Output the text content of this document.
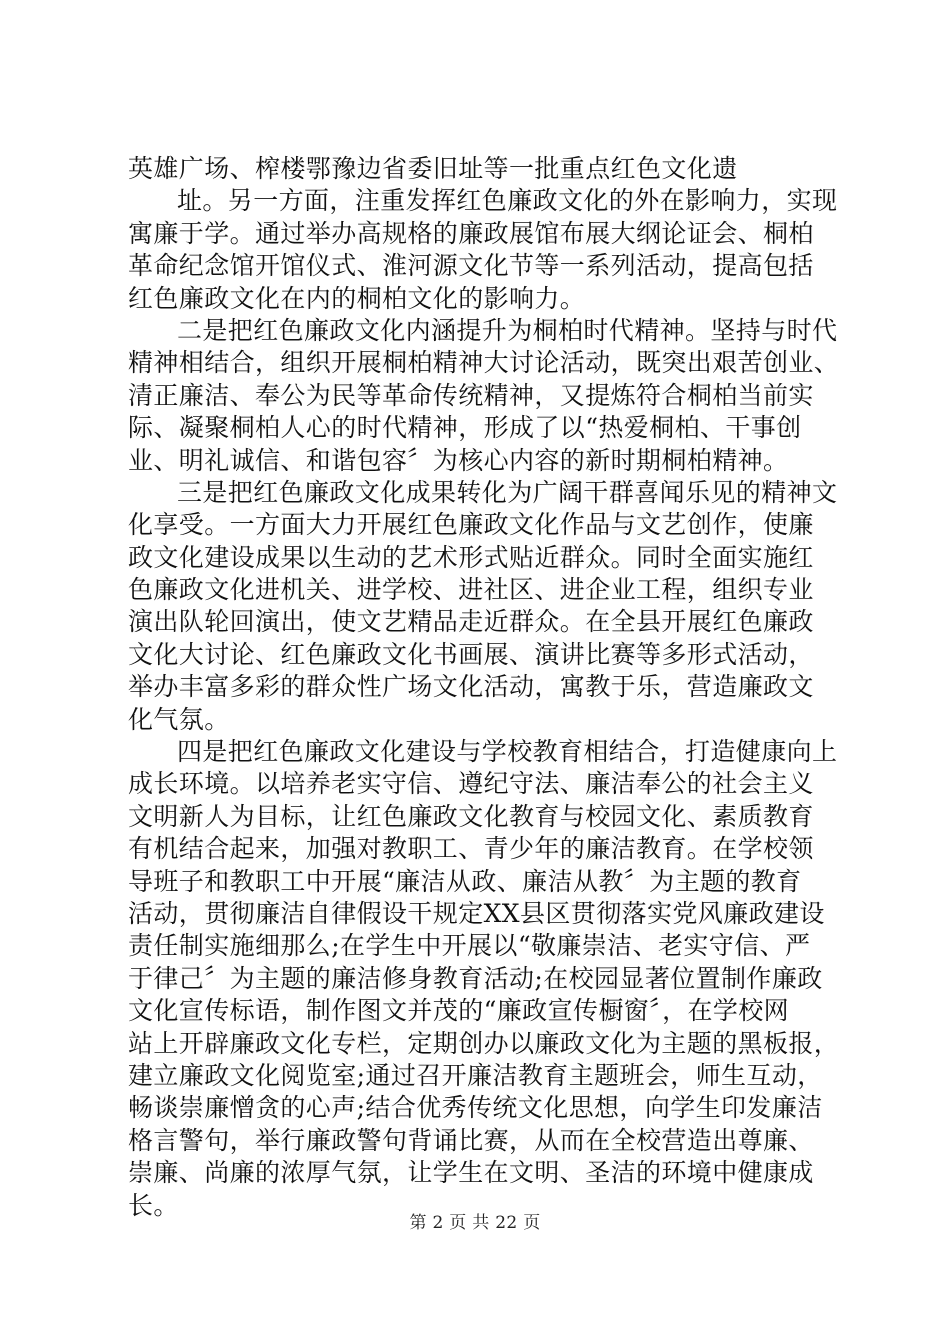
英雄广场、榨楼鄂豫边省委旧址等一批重点红色文化遗
址。另一方面，注重发挥红色廉政文化的外在影响力，实现
寓廉于学。通过举办高规格的廉政展馆布展大纲论证会、桐柏
革命纪念馆开馆仪式、淮河源文化节等一系列活动，提高包括
红色廉政文化在内的桐柏文化的影响力。
二是把红色廉政文化内涵提升为桐柏时代精神。坚持与时代
精神相结合，组织开展桐柏精神大讨论活动，既突出艰苦创业、
清正廉洁、奉公为民等革命传统精神，又提炼符合桐柏当前实
际、凝聚桐柏人心的时代精神，形成了以“热爱桐柏、干事创
业、明礼诚信、和谐包容〞为核心内容的新时期桐柏精神。
三是把红色廉政文化成果转化为广阔干群喜闻乐见的精神文
化享受。一方面大力开展红色廉政文化作品与文艺创作，使廉
政文化建设成果以生动的艺术形式贴近群众。同时全面实施红
色廉政文化进机关、进学校、进社区、进企业工程，组织专业
演出队轮回演出，使文艺精品走近群众。在全县开展红色廉政
文化大讨论、红色廉政文化书画展、演讲比赛等多形式活动，
举办丰富多彩的群众性广场文化活动，寓教于乐，营造廉政文
化气氛。
四是把红色廉政文化建设与学校教育相结合，打造健康向上
成长环境。以培养老实守信、遵纪守法、廉洁奉公的社会主义
文明新人为目标，让红色廉政文化教育与校园文化、素质教育
有机结合起来，加强对教职工、青少年的廉洁教育。在学校领
导班子和教职工中开展“廉洁从政、廉洁从教〞为主题的教育
活动，贯彻廉洁自律假设干规定XX县区贯彻落实党风廉政建设
责任制实施细那么;在学生中开展以“敬廉崇洁、老实守信、严
于律己〞为主题的廉洁修身教育活动;在校园显著位置制作廉政
文化宣传标语，制作图文并茂的“廉政宣传橱窗〞，在学校网
站上开辟廉政文化专栏，定期创办以廉政文化为主题的黑板报，
建立廉政文化阅览室;通过召开廉洁教育主题班会，师生互动，
畅谈崇廉憎贪的心声;结合优秀传统文化思想，向学生印发廉洁
格言警句，举行廉政警句背诵比赛，从而在全校营造出尊廉、
崇廉、尚廉的浓厚气氛，让学生在文明、圣洁的环境中健康成
长。
第 2 页 共 22 页
